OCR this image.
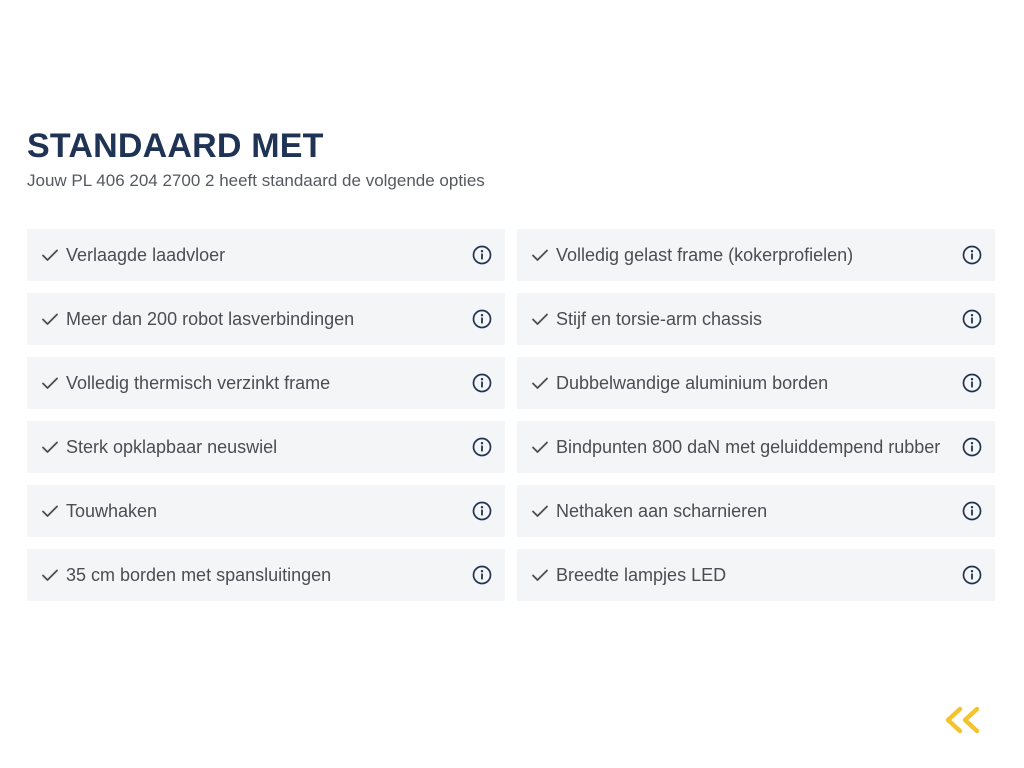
STANDAARD MET

Jouw PL 406 204 2700 2 heeft standaard de volgende opties

Verlaagde laadvloer	Volledig gelast frame (kokerprofielen)
Meer dan 200 robot lasverbindingen	Stijf en torsie-arm chassis
Volledig thermisch verzinkt frame	Dubbelwandige aluminium borden
Sterk opklapbaar neuswiel	Bindpunten 800 daN met geluiddempend rubber
Touwhaken	Nethaken aan scharnieren
35 cm borden met spansluitingen	Breedte lampjes LED
